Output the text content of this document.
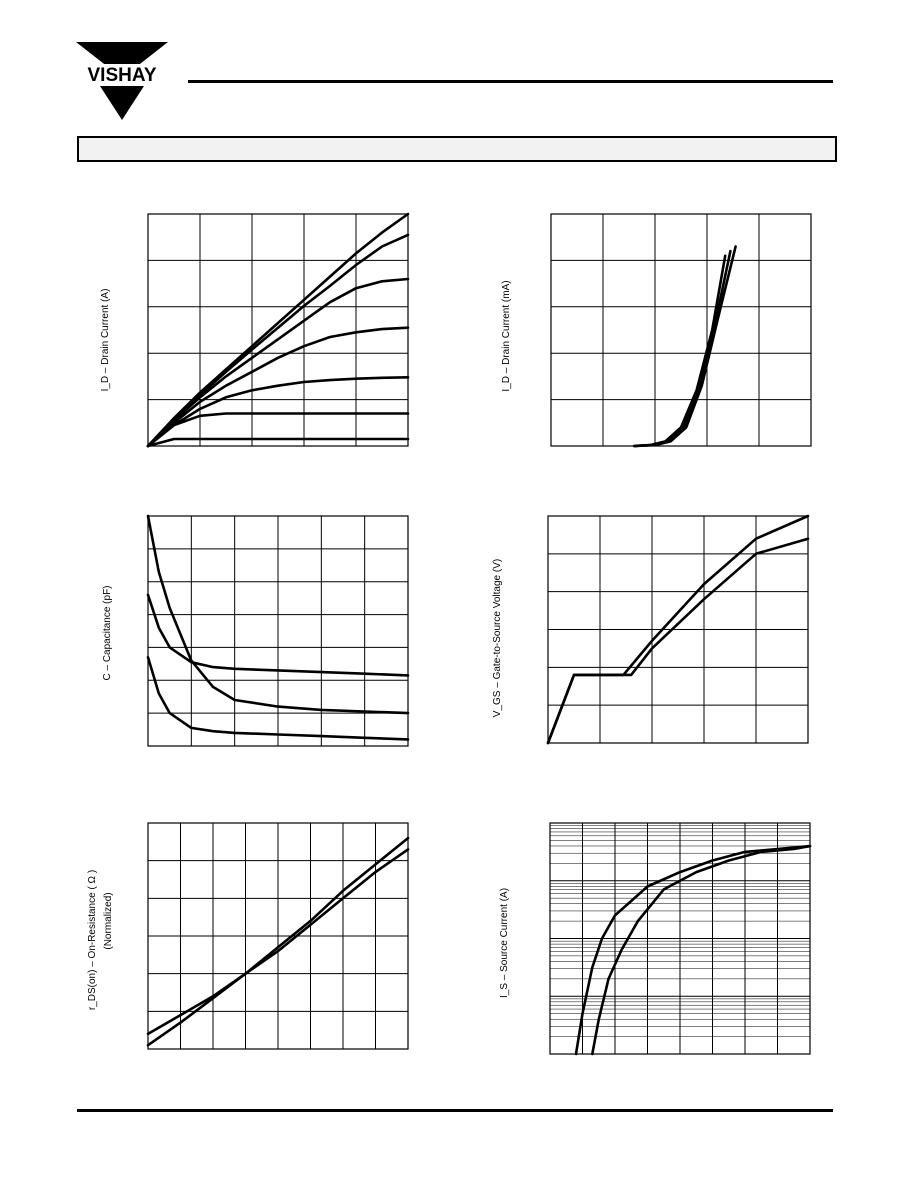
VISHAY
I_D – Drain Current (A)	I_D – Drain Current (mA)
C – Capacitance (pF)	V_GS – Gate-to-Source Voltage (V)
r_DS(on) – On-Resistance ( Ω ) (Normalized)	I_S – Source Current (A)
